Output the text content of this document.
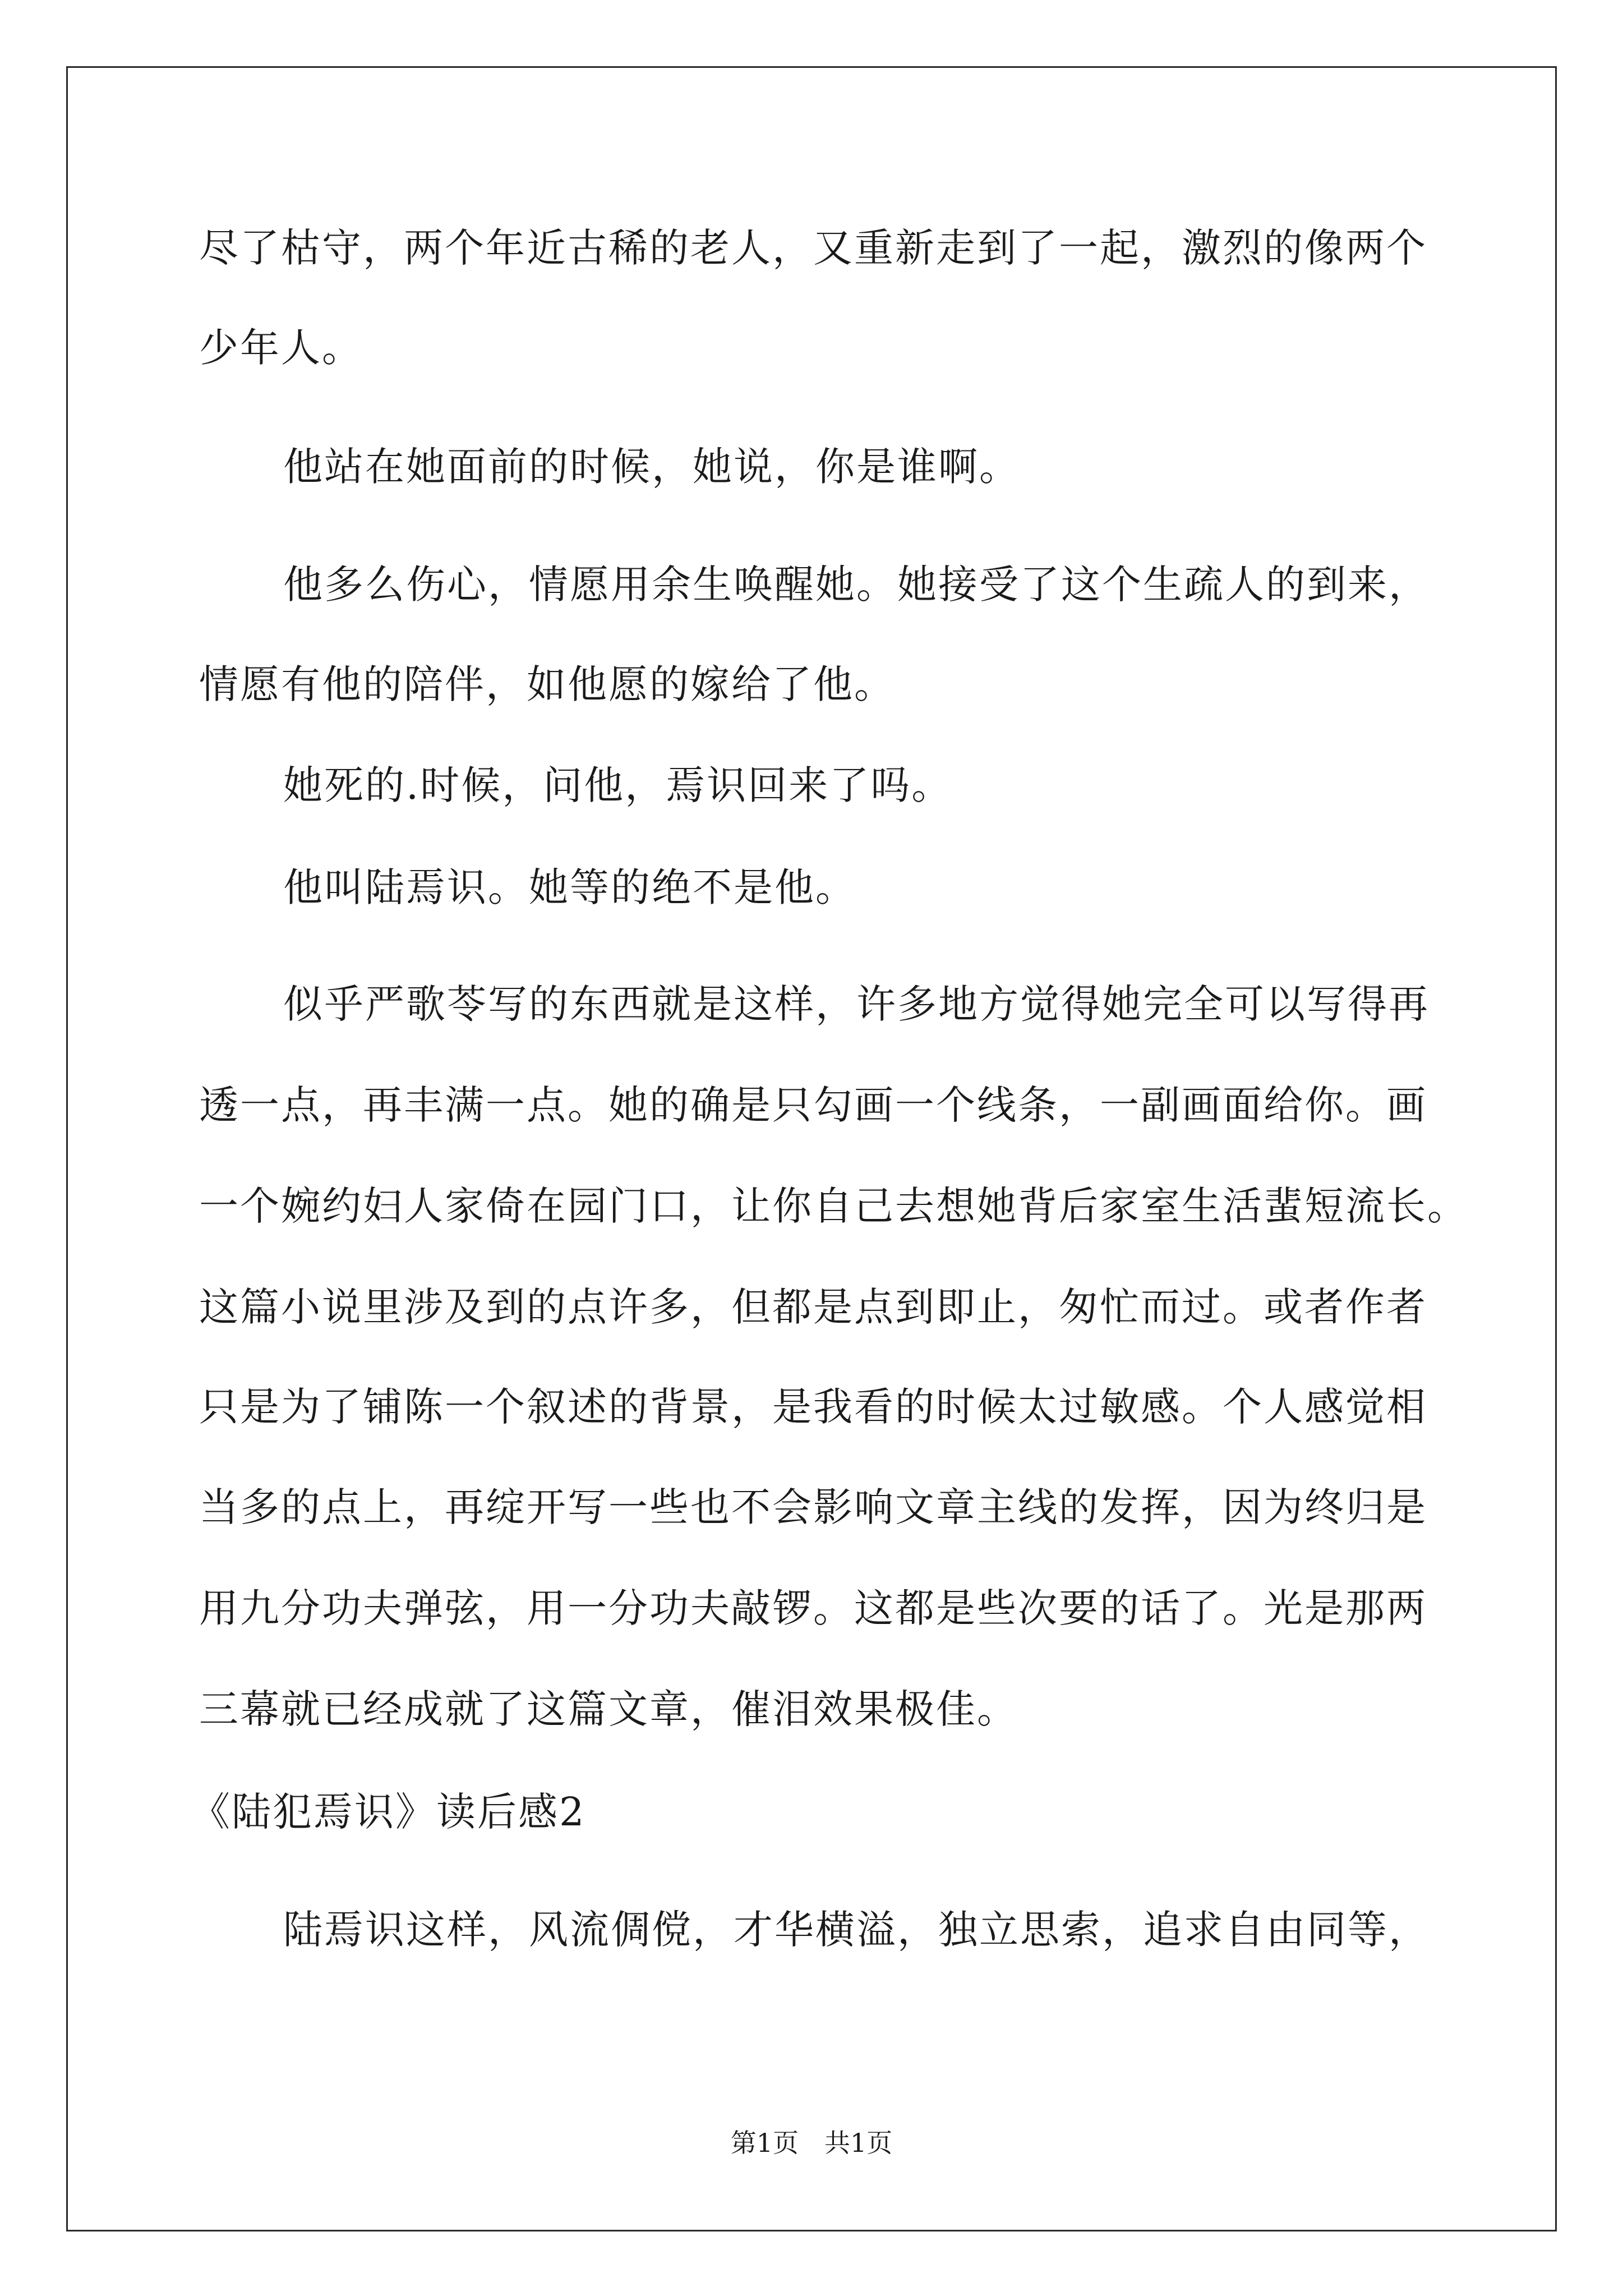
尽了枯守，两个年近古稀的老人，又重新走到了一起，激烈的像两个
少年人。
他站在她面前的时候，她说，你是谁啊。
他多么伤心，情愿用余生唤醒她。她接受了这个生疏人的到来，
情愿有他的陪伴，如他愿的嫁给了他。
她死的.时候，问他，焉识回来了吗。
他叫陆焉识。她等的绝不是他。
似乎严歌苓写的东西就是这样，许多地方觉得她完全可以写得再
透一点，再丰满一点。她的确是只勾画一个线条，一副画面给你。画
一个婉约妇人家倚在园门口，让你自己去想她背后家室生活蜚短流长。
这篇小说里涉及到的点许多，但都是点到即止，匆忙而过。或者作者
只是为了铺陈一个叙述的背景，是我看的时候太过敏感。个人感觉相
当多的点上，再绽开写一些也不会影响文章主线的发挥，因为终归是
用九分功夫弹弦，用一分功夫敲锣。这都是些次要的话了。光是那两
三幕就已经成就了这篇文章，催泪效果极佳。
《陆犯焉识》读后感2
陆焉识这样，风流倜傥，才华横溢，独立思索，追求自由同等，
第1页　共1页
